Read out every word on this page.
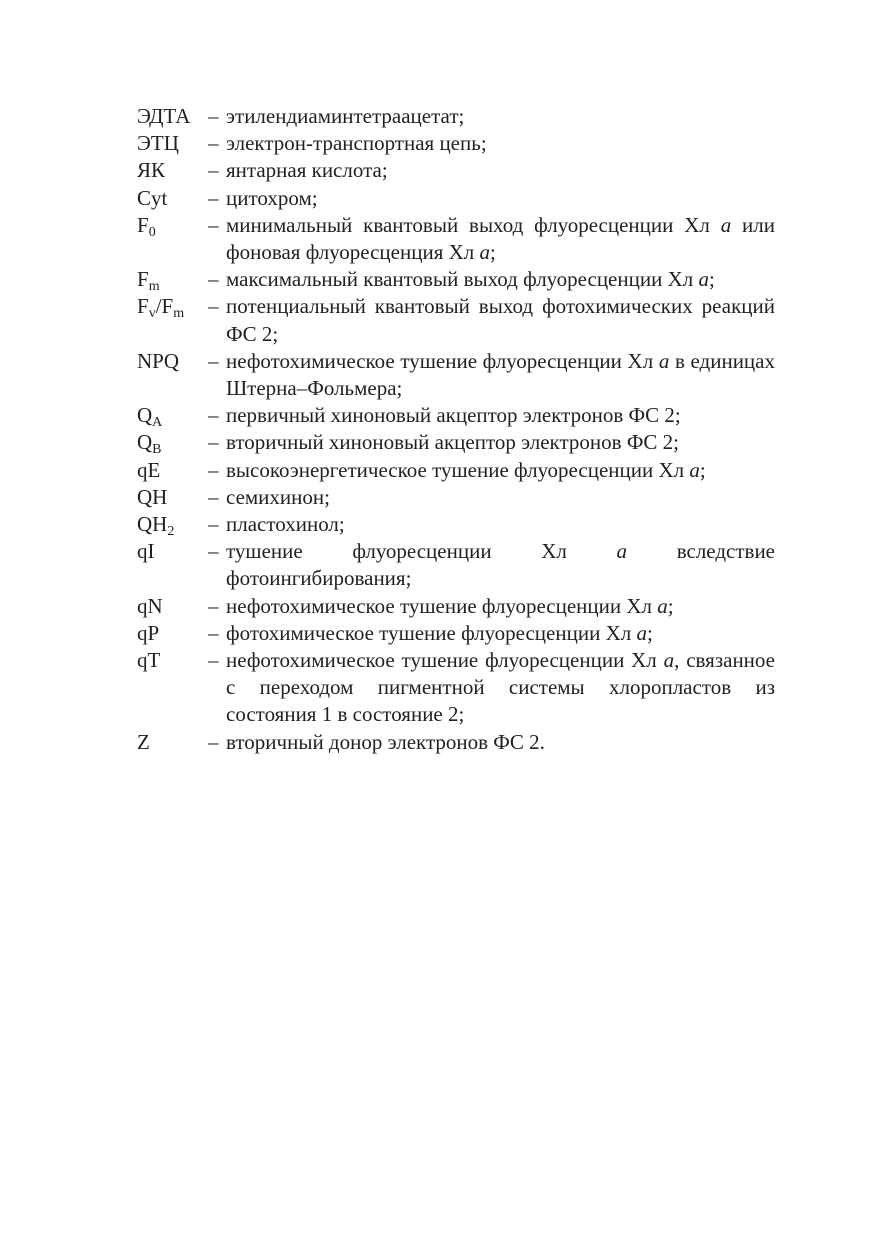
ЭДТА – этилендиаминтетраацетат;
ЭТЦ – электрон-транспортная цепь;
ЯК – янтарная кислота;
Cyt – цитохром;
$F_0$ – минимальный квантовый выход флуоресценции Хл a или фоновая флуоресценция Хл a;
$F_m$ – максимальный квантовый выход флуоресценции Хл a;
$F_v/F_m$ – потенциальный квантовый выход фотохимических реакций ФС 2;
NPQ – нефотохимическое тушение флуоресценции Хл a в единицах Штерна–Фольмера;
$Q_A$ – первичный хиноновый акцептор электронов ФС 2;
$Q_B$ – вторичный хиноновый акцептор электронов ФС 2;
qE – высокоэнергетическое тушение флуоресценции Хл a;
QH – семихинон;
$QH_2$ – пластохинол;
qI	– тушение флуоресценции Хл a вследствие фотоингибирования;
qN – нефотохимическое тушение флуоресценции Хл a;
qP – фотохимическое тушение флуоресценции Хл a;
qT – нефотохимическое тушение флуоресценции Хл a, связанное с переходом пигментной системы хлоропластов из состояния 1 в состояние 2;
Z	– вторичный донор электронов ФС 2.
